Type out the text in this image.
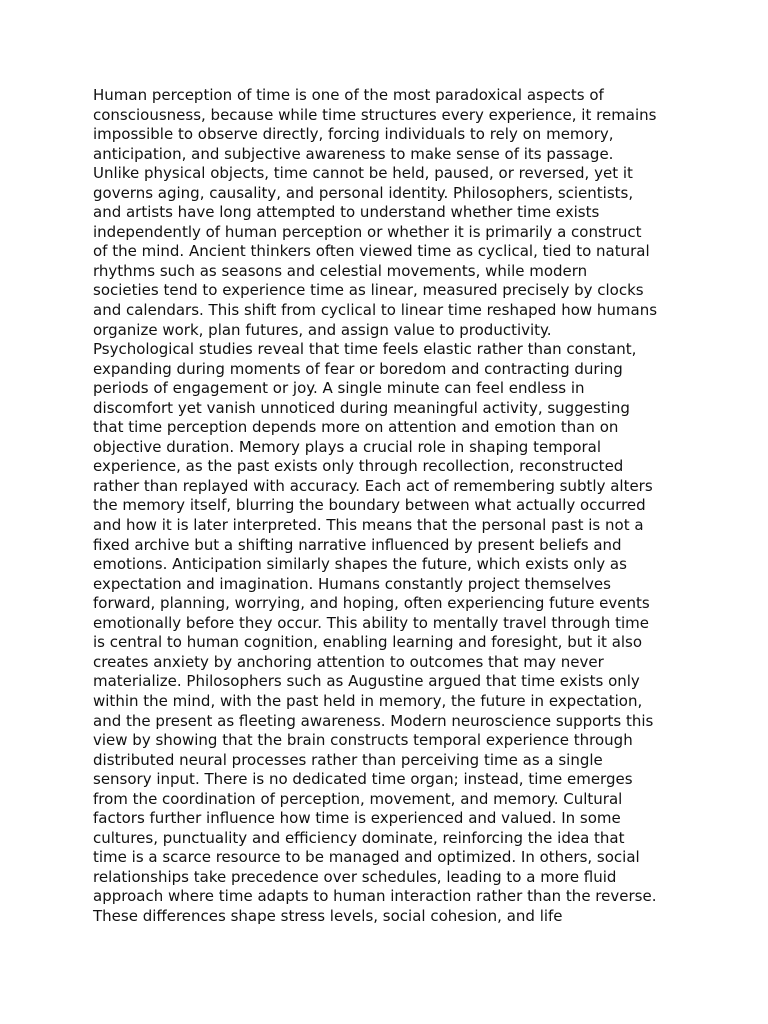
Human perception of time is one of the most paradoxical aspects of
consciousness, because while time structures every experience, it remains
impossible to observe directly, forcing individuals to rely on memory,
anticipation, and subjective awareness to make sense of its passage.
Unlike physical objects, time cannot be held, paused, or reversed, yet it
governs aging, causality, and personal identity. Philosophers, scientists,
and artists have long attempted to understand whether time exists
independently of human perception or whether it is primarily a construct
of the mind. Ancient thinkers often viewed time as cyclical, tied to natural
rhythms such as seasons and celestial movements, while modern
societies tend to experience time as linear, measured precisely by clocks
and calendars. This shift from cyclical to linear time reshaped how humans
organize work, plan futures, and assign value to productivity.
Psychological studies reveal that time feels elastic rather than constant,
expanding during moments of fear or boredom and contracting during
periods of engagement or joy. A single minute can feel endless in
discomfort yet vanish unnoticed during meaningful activity, suggesting
that time perception depends more on attention and emotion than on
objective duration. Memory plays a crucial role in shaping temporal
experience, as the past exists only through recollection, reconstructed
rather than replayed with accuracy. Each act of remembering subtly alters
the memory itself, blurring the boundary between what actually occurred
and how it is later interpreted. This means that the personal past is not a
fixed archive but a shifting narrative influenced by present beliefs and
emotions. Anticipation similarly shapes the future, which exists only as
expectation and imagination. Humans constantly project themselves
forward, planning, worrying, and hoping, often experiencing future events
emotionally before they occur. This ability to mentally travel through time
is central to human cognition, enabling learning and foresight, but it also
creates anxiety by anchoring attention to outcomes that may never
materialize. Philosophers such as Augustine argued that time exists only
within the mind, with the past held in memory, the future in expectation,
and the present as fleeting awareness. Modern neuroscience supports this
view by showing that the brain constructs temporal experience through
distributed neural processes rather than perceiving time as a single
sensory input. There is no dedicated time organ; instead, time emerges
from the coordination of perception, movement, and memory. Cultural
factors further influence how time is experienced and valued. In some
cultures, punctuality and efficiency dominate, reinforcing the idea that
time is a scarce resource to be managed and optimized. In others, social
relationships take precedence over schedules, leading to a more fluid
approach where time adapts to human interaction rather than the reverse.
These differences shape stress levels, social cohesion, and life
